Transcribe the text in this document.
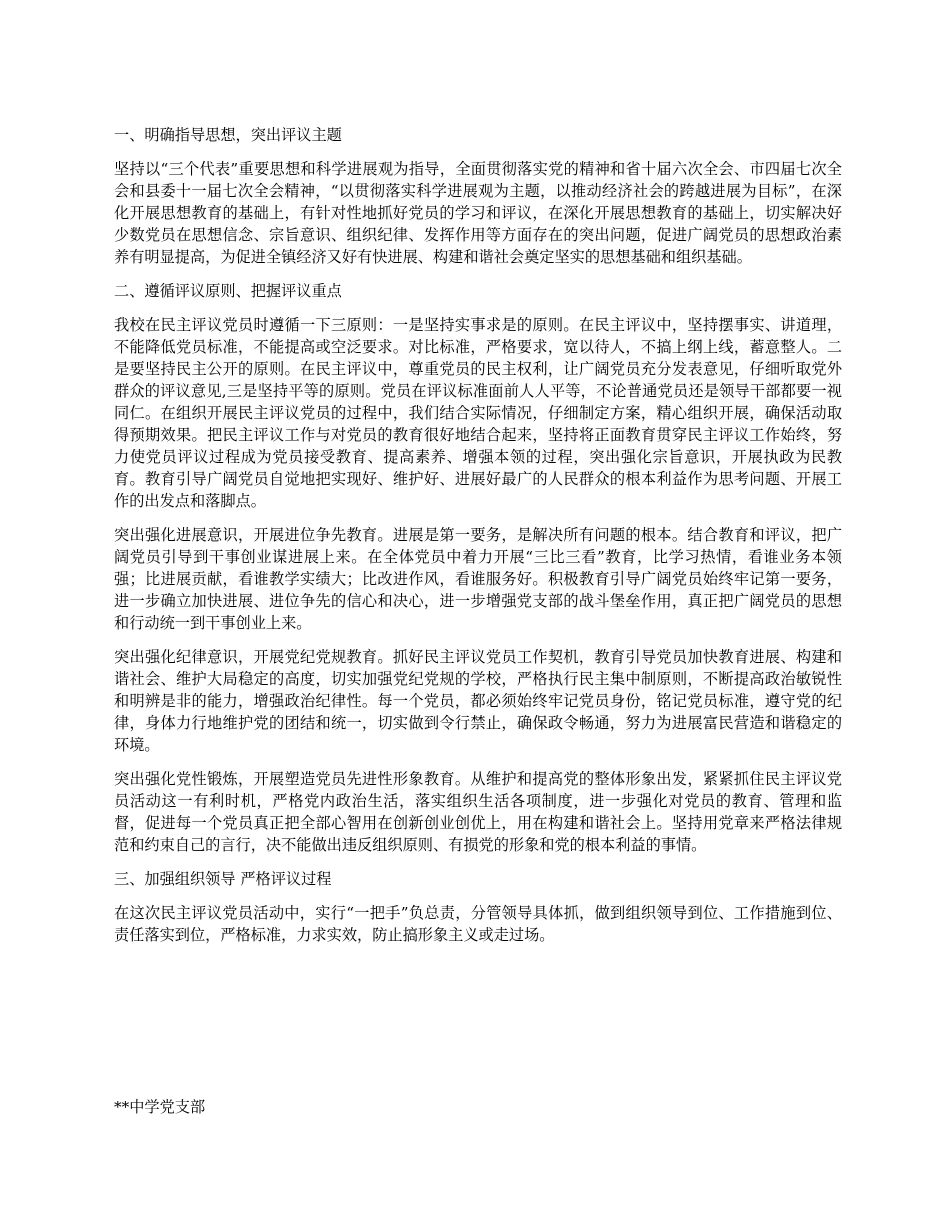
一、明确指导思想，突出评议主题

坚持以“三个代表”重要思想和科学进展观为指导，全面贯彻落实党的精神和省十届六次全会、市四届七次全会和县委十一届七次全会精神，“以贯彻落实科学进展观为主题，以推动经济社会的跨越进展为目标”，在深化开展思想教育的基础上，有针对性地抓好党员的学习和评议，在深化开展思想教育的基础上，切实解决好少数党员在思想信念、宗旨意识、组织纪律、发挥作用等方面存在的突出问题，促进广阔党员的思想政治素养有明显提高，为促进全镇经济又好有快进展、构建和谐社会奠定坚实的思想基础和组织基础。

二、遵循评议原则、把握评议重点

我校在民主评议党员时遵循一下三原则：一是坚持实事求是的原则。在民主评议中，坚持摆事实、讲道理，不能降低党员标准，不能提高或空泛要求。对比标准，严格要求，宽以待人，不搞上纲上线，蓄意整人。二是要坚持民主公开的原则。在民主评议中，尊重党员的民主权利，让广阔党员充分发表意见，仔细听取党外群众的评议意见,三是坚持平等的原则。党员在评议标准面前人人平等，不论普通党员还是领导干部都要一视同仁。在组织开展民主评议党员的过程中，我们结合实际情况，仔细制定方案，精心组织开展，确保活动取得预期效果。把民主评议工作与对党员的教育很好地结合起来，坚持将正面教育贯穿民主评议工作始终，努力使党员评议过程成为党员接受教育、提高素养、增强本领的过程，突出强化宗旨意识，开展执政为民教育。教育引导广阔党员自觉地把实现好、维护好、进展好最广的人民群众的根本利益作为思考问题、开展工作的出发点和落脚点。

突出强化进展意识，开展进位争先教育。进展是第一要务，是解决所有问题的根本。结合教育和评议，把广阔党员引导到干事创业谋进展上来。在全体党员中着力开展“三比三看”教育，比学习热情，看谁业务本领强；比进展贡献，看谁教学实绩大；比改进作风，看谁服务好。积极教育引导广阔党员始终牢记第一要务，进一步确立加快进展、进位争先的信心和决心，进一步增强党支部的战斗堡垒作用，真正把广阔党员的思想和行动统一到干事创业上来。

突出强化纪律意识，开展党纪党规教育。抓好民主评议党员工作契机，教育引导党员加快教育进展、构建和谐社会、维护大局稳定的高度，切实加强党纪党规的学校，严格执行民主集中制原则，不断提高政治敏锐性和明辨是非的能力，增强政治纪律性。每一个党员，都必须始终牢记党员身份，铭记党员标准，遵守党的纪律，身体力行地维护党的团结和统一，切实做到令行禁止，确保政令畅通，努力为进展富民营造和谐稳定的环境。

突出强化党性锻炼，开展塑造党员先进性形象教育。从维护和提高党的整体形象出发，紧紧抓住民主评议党员活动这一有利时机，严格党内政治生活，落实组织生活各项制度，进一步强化对党员的教育、管理和监督，促进每一个党员真正把全部心智用在创新创业创优上，用在构建和谐社会上。坚持用党章来严格法律规范和约束自己的言行，决不能做出违反组织原则、有损党的形象和党的根本利益的事情。

三、加强组织领导 严格评议过程

在这次民主评议党员活动中，实行“一把手”负总责，分管领导具体抓，做到组织领导到位、工作措施到位、责任落实到位，严格标准，力求实效，防止搞形象主义或走过场。

**中学党支部
